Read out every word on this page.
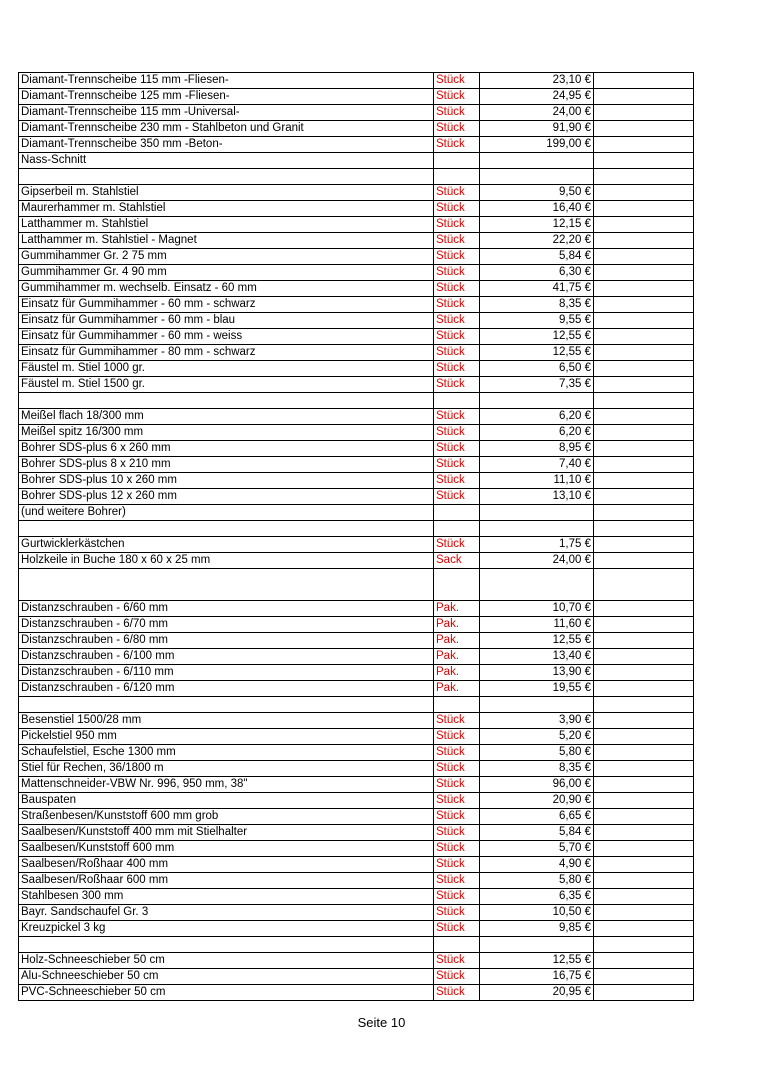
Diamant-Trennscheibe 115 mm -Fliesen-	Stück	23,10 €	
Diamant-Trennscheibe 125 mm -Fliesen-	Stück	24,95 €	
Diamant-Trennscheibe 115 mm -Universal-	Stück	24,00 €	
Diamant-Trennscheibe 230 mm - Stahlbeton und Granit	Stück	91,90 €	
Diamant-Trennscheibe 350 mm -Beton-	Stück	199,00 €	
Nass-Schnitt			

Gipserbeil m. Stahlstiel	Stück	9,50 €	
Maurerhammer m. Stahlstiel	Stück	16,40 €	
Latthammer m. Stahlstiel	Stück	12,15 €	
Latthammer m. Stahlstiel - Magnet	Stück	22,20 €	
Gummihammer Gr. 2 75 mm	Stück	5,84 €	
Gummihammer Gr. 4 90 mm	Stück	6,30 €	
Gummihammer m. wechselb. Einsatz - 60 mm	Stück	41,75 €	
Einsatz für Gummihammer - 60 mm - schwarz	Stück	8,35 €	
Einsatz für Gummihammer - 60 mm - blau	Stück	9,55 €	
Einsatz für Gummihammer - 60 mm - weiss	Stück	12,55 €	
Einsatz für Gummihammer - 80 mm - schwarz	Stück	12,55 €	
Fäustel m. Stiel 1000 gr.	Stück	6,50 €	
Fäustel m. Stiel 1500 gr.	Stück	7,35 €	

Meißel flach 18/300 mm	Stück	6,20 €	
Meißel spitz 16/300 mm	Stück	6,20 €	
Bohrer SDS-plus 6 x 260 mm	Stück	8,95 €	
Bohrer SDS-plus 8 x 210 mm	Stück	7,40 €	
Bohrer SDS-plus 10 x 260 mm	Stück	11,10 €	
Bohrer SDS-plus 12 x 260 mm	Stück	13,10 €	
(und weitere Bohrer)			

Gurtwicklerkästchen	Stück	1,75 €	
Holzkeile in Buche 180 x 60 x 25 mm	Sack	24,00 €	

Distanzschrauben - 6/60 mm	Pak.	10,70 €	
Distanzschrauben - 6/70 mm	Pak.	11,60 €	
Distanzschrauben - 6/80 mm	Pak.	12,55 €	
Distanzschrauben - 6/100 mm	Pak.	13,40 €	
Distanzschrauben - 6/110 mm	Pak.	13,90 €	
Distanzschrauben - 6/120 mm	Pak.	19,55 €	

Besenstiel 1500/28 mm	Stück	3,90 €	
Pickelstiel 950 mm	Stück	5,20 €	
Schaufelstiel, Esche 1300 mm	Stück	5,80 €	
Stiel für Rechen, 36/1800 m	Stück	8,35 €	
Mattenschneider-VBW Nr. 996, 950 mm, 38"	Stück	96,00 €	
Bauspaten	Stück	20,90 €	
Straßenbesen/Kunststoff 600 mm grob	Stück	6,65 €	
Saalbesen/Kunststoff 400 mm mit Stielhalter	Stück	5,84 €	
Saalbesen/Kunststoff 600 mm	Stück	5,70 €	
Saalbesen/Roßhaar 400 mm	Stück	4,90 €	
Saalbesen/Roßhaar 600 mm	Stück	5,80 €	
Stahlbesen 300 mm	Stück	6,35 €	
Bayr. Sandschaufel Gr. 3	Stück	10,50 €	
Kreuzpickel 3 kg	Stück	9,85 €	

Holz-Schneeschieber 50 cm	Stück	12,55 €	
Alu-Schneeschieber 50 cm	Stück	16,75 €	
PVC-Schneeschieber 50 cm	Stück	20,95 €	
Seite 10
